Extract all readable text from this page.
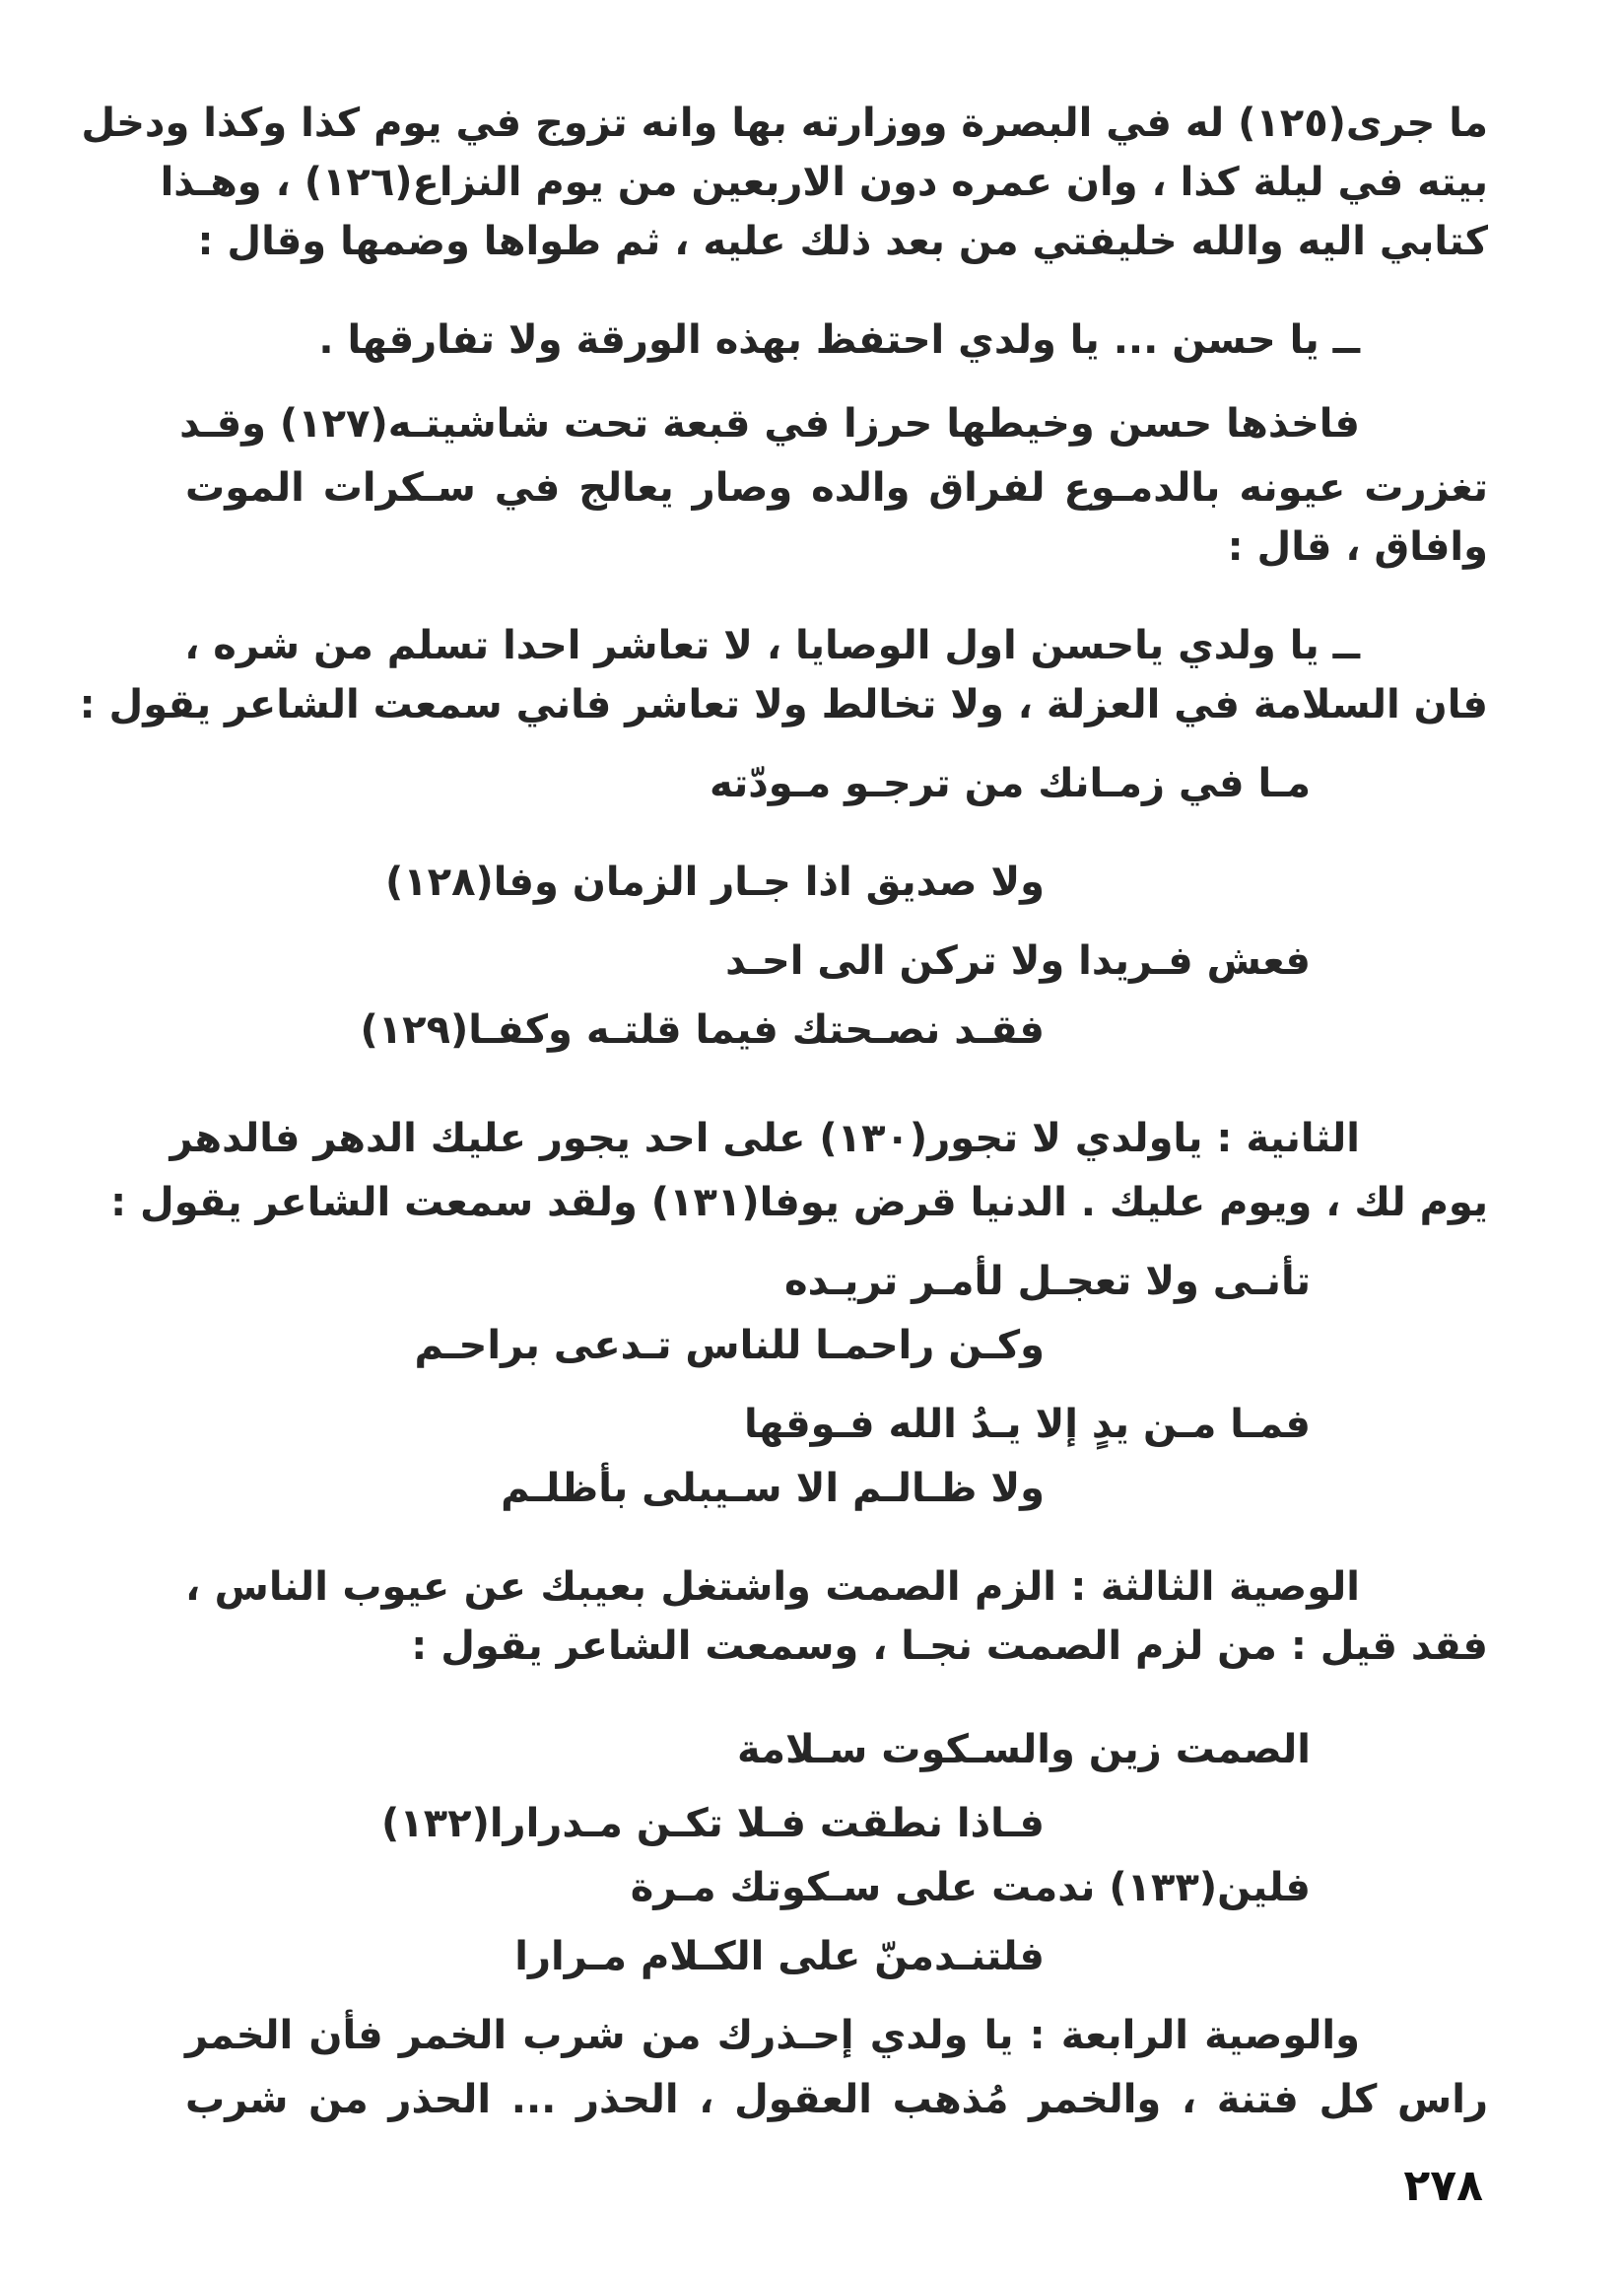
ما جرى(١٢٥) له في البصرة ووزارته بها وانه تزوج في يوم كذا وكذا ودخل
بيته في ليلة كذا ، وان عمره دون الاربعين من يوم النزاع(١٢٦) ، وهـذا
كتابي اليه والله خليفتي من بعد ذلك عليه ، ثم طواها وضمها وقال :
ــ يا حسن ... يا ولدي احتفظ بهذه الورقة ولا تفارقها .
فاخذها حسن وخيطها حرزا في قبعة تحت شاشيتـه(١٢٧) وقـد
تغزرت عيونه بالدمـوع لفراق والده وصار يعالج في سـكرات الموت
وافاق ، قال :
ــ يا ولدي ياحسن اول الوصايا ، لا تعاشر احدا تسلم من شره ،
فان السلامة في العزلة ، ولا تخالط ولا تعاشر فاني سمعت الشاعر يقول :
مـا في زمـانك من ترجـو مـودّته
ولا صديق اذا جـار الزمان وفا(١٢٨)
فعش فـريدا ولا تركن الى احـد
فقـد نصـحتك فيما قلتـه وكفـا(١٢٩)
الثانية : ياولدي لا تجور(١٣٠) على احد يجور عليك الدهر فالدهر
يوم لك ، ويوم عليك . الدنيا قرض يوفا(١٣١) ولقد سمعت الشاعر يقول :
تأنـى ولا تعجـل لأمـر تريـده
وكـن راحمـا للناس تـدعى براحـم
فمـا مـن يدٍ إلا يـدُ الله فـوقها
ولا ظـالـم الا سـيبلى بأظلـم
الوصية الثالثة : الزم الصمت واشتغل بعيبك عن عيوب الناس ،
فقد قيل : من لزم الصمت نجـا ، وسمعت الشاعر يقول :
الصمت زين والسـكوت سـلامة
فـاذا نطقت فـلا تكـن مـدرارا(١٣٢)
فلين(١٣٣) ندمت على سـكوتك مـرة
فلتنـدمنّ على الكـلام مـرارا
والوصية الرابعة : يا ولدي إحـذرك من شرب الخمر فأن الخمر
راس كل فتنة ، والخمر مُذهب العقول ، الحذر ... الحذر من شرب
٢٧٨
